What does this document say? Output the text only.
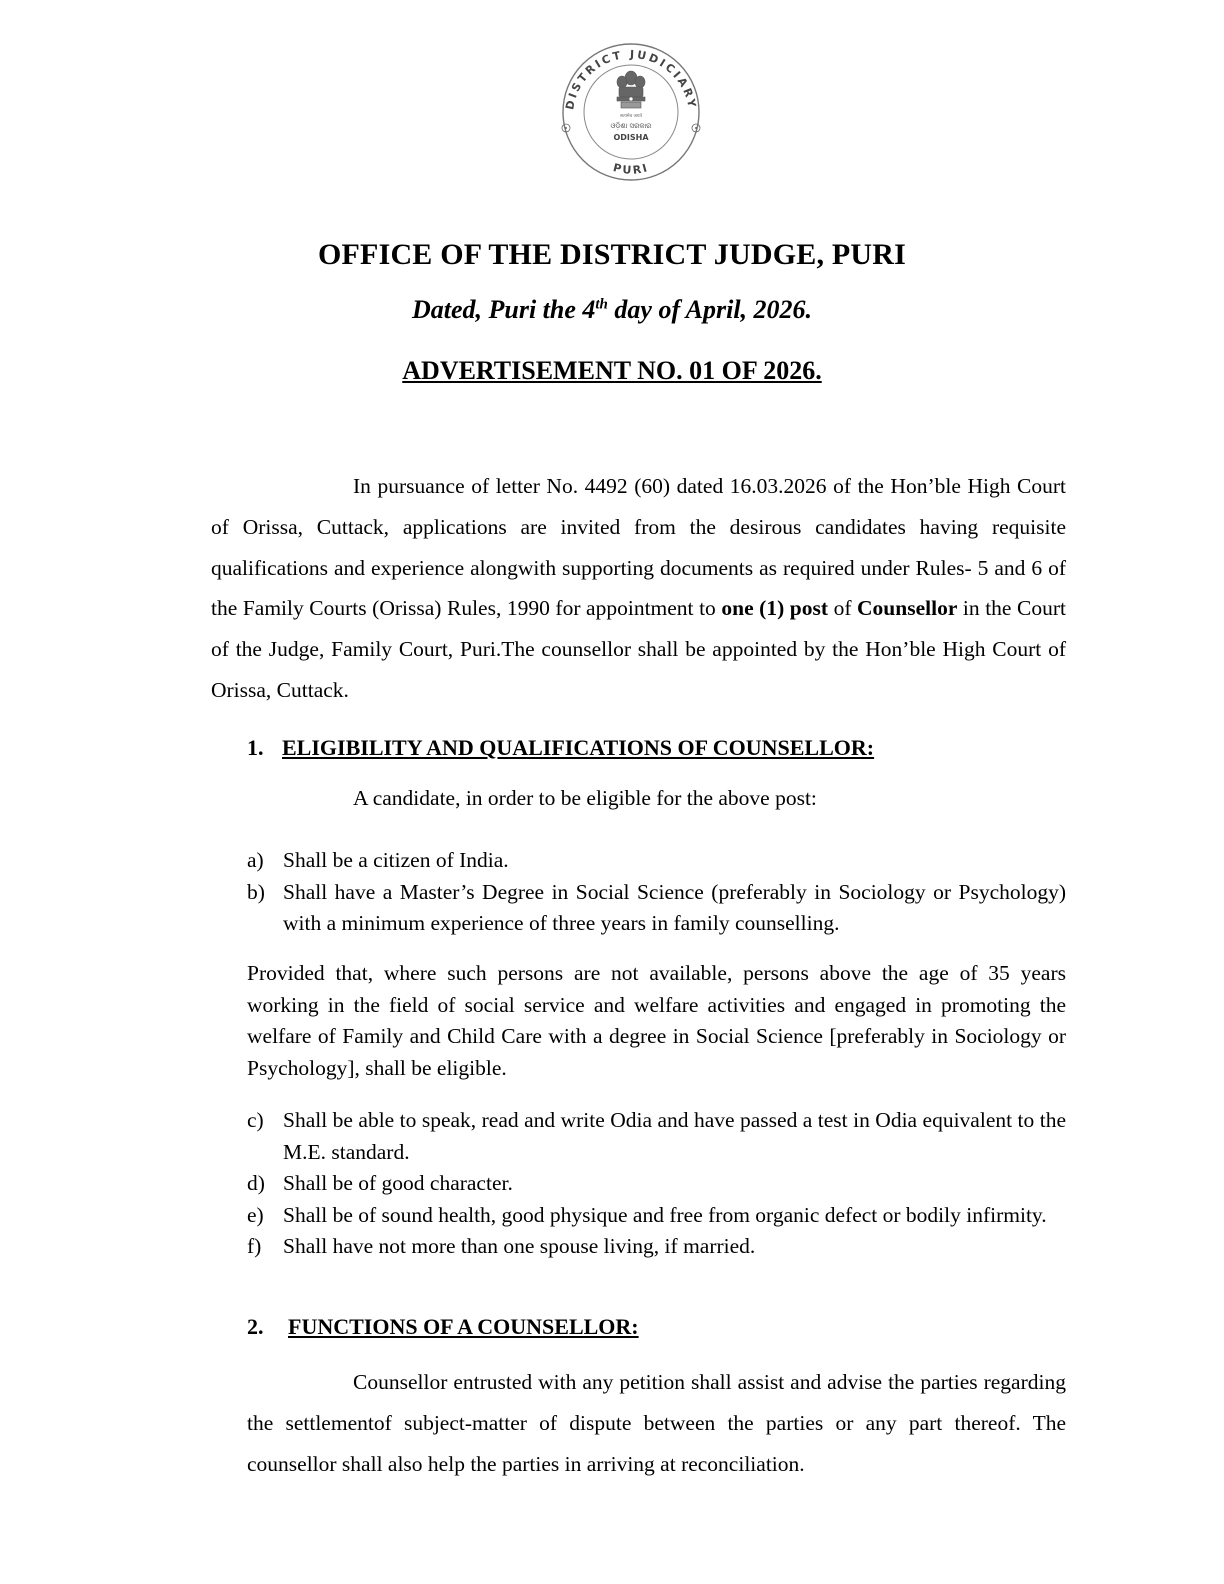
DISTRICT JUDICIARY
PURI
सत्यमेव जयते
ଓଡ଼ିଶା ସରକାର
ODISHA
OFFICE OF THE DISTRICT JUDGE, PURI
Dated, Puri the 4th day of April, 2026.
ADVERTISEMENT NO. 01 OF 2026.
In pursuance of letter No. 4492 (60) dated 16.03.2026 of the Hon’ble High Court of Orissa, Cuttack, applications are invited from the desirous candidates having requisite qualifications and experience alongwith supporting documents as required under Rules- 5 and 6 of the Family Courts (Orissa) Rules, 1990 for appointment to one (1) post of Counsellor in the Court of the Judge, Family Court, Puri.The counsellor shall be appointed by the Hon’ble High Court of Orissa, Cuttack.
1. ELIGIBILITY AND QUALIFICATIONS OF COUNSELLOR:
A candidate, in order to be eligible for the above post:
a) Shall be a citizen of India.
b) Shall have a Master’s Degree in Social Science (preferably in Sociology or Psychology) with a minimum experience of three years in family counselling.
Provided that, where such persons are not available, persons above the age of 35 years working in the field of social service and welfare activities and engaged in promoting the welfare of Family and Child Care with a degree in Social Science [preferably in Sociology or Psychology], shall be eligible.
c) Shall be able to speak, read and write Odia and have passed a test in Odia equivalent to the M.E. standard.
d) Shall be of good character.
e) Shall be of sound health, good physique and free from organic defect or bodily infirmity.
f)	Shall have not more than one spouse living, if married.
2. FUNCTIONS OF A COUNSELLOR:
Counsellor entrusted with any petition shall assist and advise the parties regarding the settlementof subject-matter of dispute between the parties or any part thereof. The counsellor shall also help the parties in arriving at reconciliation.
